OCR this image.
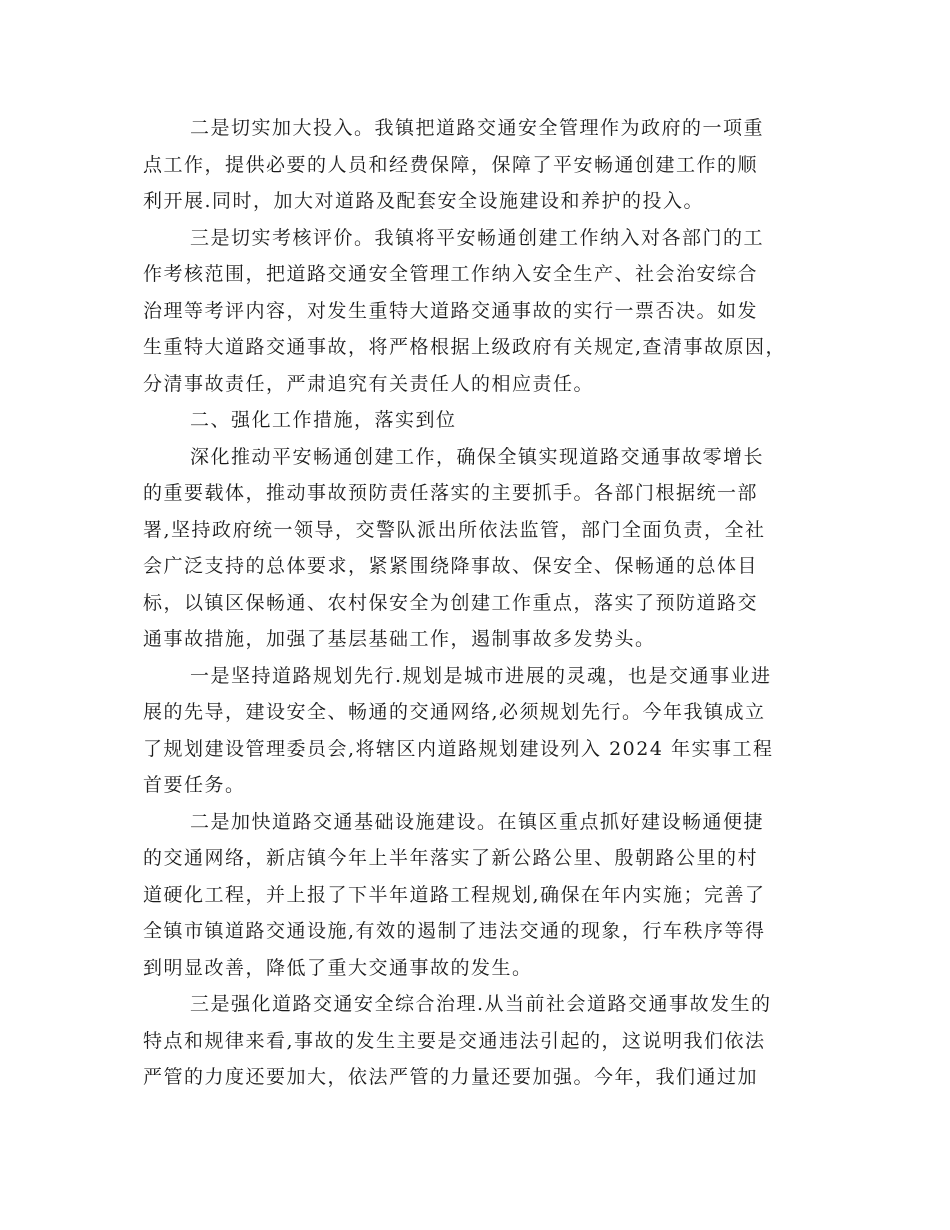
二是切实加大投入。我镇把道路交通安全管理作为政府的一项重
点工作，提供必要的人员和经费保障，保障了平安畅通创建工作的顺
利开展.同时，加大对道路及配套安全设施建设和养护的投入。
三是切实考核评价。我镇将平安畅通创建工作纳入对各部门的工
作考核范围，把道路交通安全管理工作纳入安全生产、社会治安综合
治理等考评内容，对发生重特大道路交通事故的实行一票否决。如发
生重特大道路交通事故，将严格根据上级政府有关规定,查清事故原因，
分清事故责任，严肃追究有关责任人的相应责任。
二、强化工作措施，落实到位
深化推动平安畅通创建工作，确保全镇实现道路交通事故零增长
的重要载体，推动事故预防责任落实的主要抓手。各部门根据统一部
署,坚持政府统一领导，交警队派出所依法监管，部门全面负责，全社
会广泛支持的总体要求，紧紧围绕降事故、保安全、保畅通的总体目
标，以镇区保畅通、农村保安全为创建工作重点，落实了预防道路交
通事故措施，加强了基层基础工作，遏制事故多发势头。
一是坚持道路规划先行.规划是城市进展的灵魂，也是交通事业进
展的先导，建设安全、畅通的交通网络,必须规划先行。今年我镇成立
了规划建设管理委员会,将辖区内道路规划建设列入 2024 年实事工程
首要任务。
二是加快道路交通基础设施建设。在镇区重点抓好建设畅通便捷
的交通网络，新店镇今年上半年落实了新公路公里、殷朝路公里的村
道硬化工程，并上报了下半年道路工程规划,确保在年内实施；完善了
全镇市镇道路交通设施,有效的遏制了违法交通的现象，行车秩序等得
到明显改善，降低了重大交通事故的发生。
三是强化道路交通安全综合治理.从当前社会道路交通事故发生的
特点和规律来看,事故的发生主要是交通违法引起的，这说明我们依法
严管的力度还要加大，依法严管的力量还要加强。今年，我们通过加
